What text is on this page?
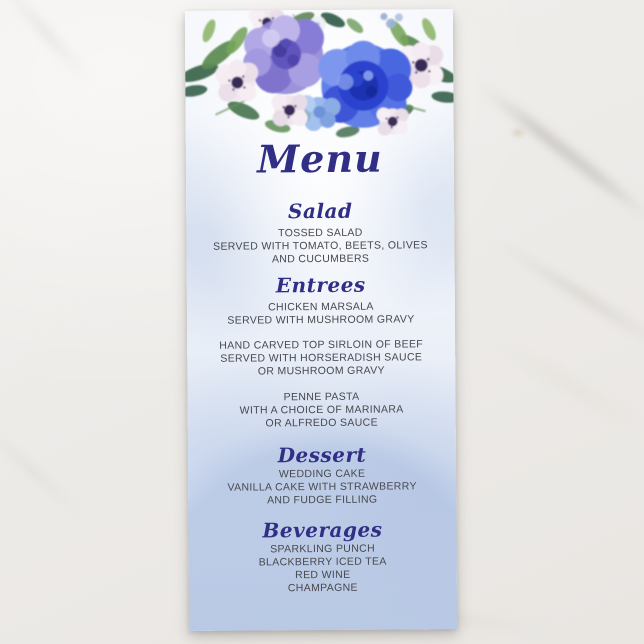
Menu
Salad
TOSSED SALAD
SERVED WITH TOMATO, BEETS, OLIVES
AND CUCUMBERS
Entrees
CHICKEN MARSALA
SERVED WITH MUSHROOM GRAVY
HAND CARVED TOP SIRLOIN OF BEEF
SERVED WITH HORSERADISH SAUCE
OR MUSHROOM GRAVY
PENNE PASTA
WITH A CHOICE OF MARINARA
OR ALFREDO SAUCE
Dessert
WEDDING CAKE
VANILLA CAKE WITH STRAWBERRY
AND FUDGE FILLING
Beverages
SPARKLING PUNCH
BLACKBERRY ICED TEA
RED WINE
CHAMPAGNE
